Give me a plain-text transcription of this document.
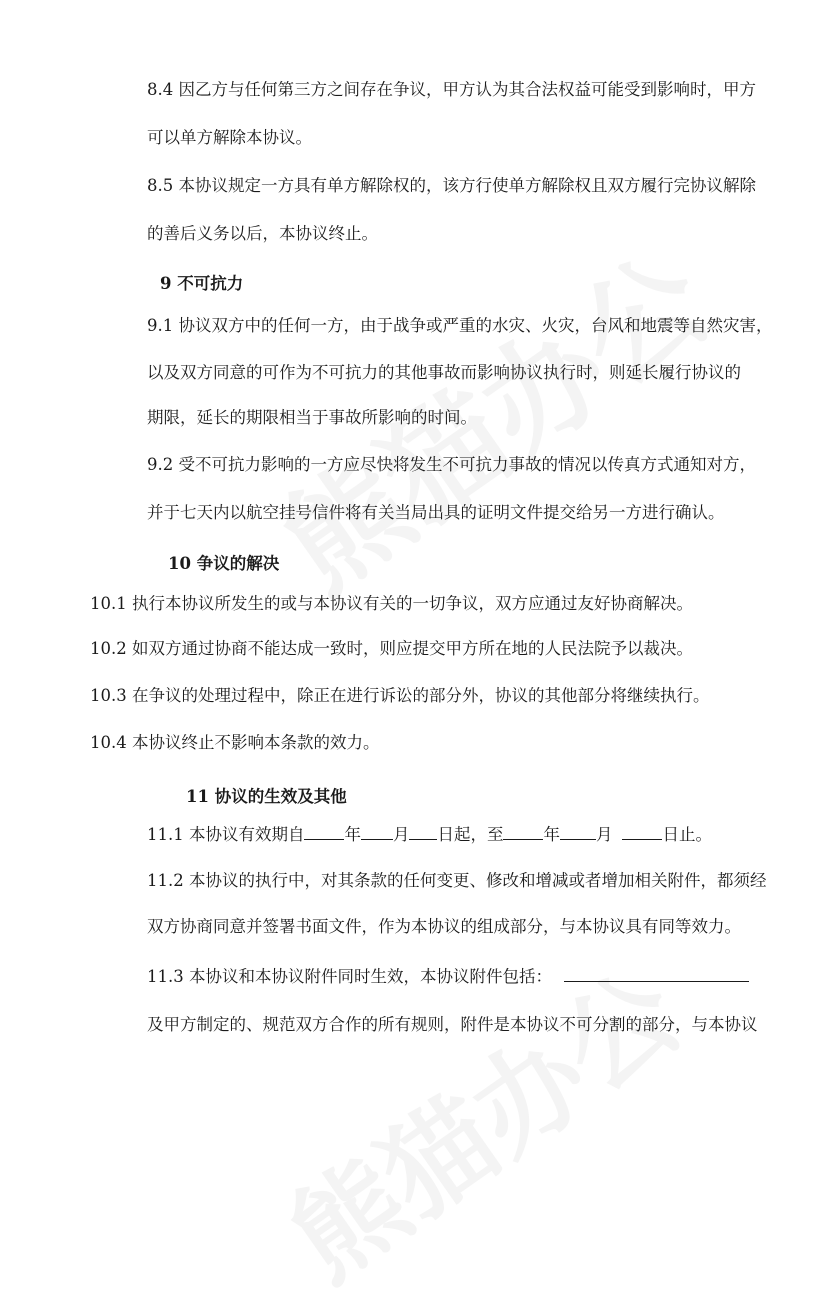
8.4 因乙方与任何第三方之间存在争议，甲方认为其合法权益可能受到影响时，甲方
可以单方解除本协议。
8.5 本协议规定一方具有单方解除权的，该方行使单方解除权且双方履行完协议解除
的善后义务以后，本协议终止。
9 不可抗力
9.1 协议双方中的任何一方，由于战争或严重的水灾、火灾，台风和地震等自然灾害，
以及双方同意的可作为不可抗力的其他事故而影响协议执行时，则延长履行协议的
期限，延长的期限相当于事故所影响的时间。
9.2 受不可抗力影响的一方应尽快将发生不可抗力事故的情况以传真方式通知对方，
并于七天内以航空挂号信件将有关当局出具的证明文件提交给另一方进行确认。
10 争议的解决
10.1 执行本协议所发生的或与本协议有关的一切争议，双方应通过友好协商解决。
10.2 如双方通过协商不能达成一致时，则应提交甲方所在地的人民法院予以裁决。
10.3 在争议的处理过程中，除正在进行诉讼的部分外，协议的其他部分将继续执行。
10.4 本协议终止不影响本条款的效力。
11 协议的生效及其他
11.1 本协议有效期自 年 月 日起，至 年 月	日止。
11.2 本协议的执行中，对其条款的任何变更、修改和增减或者增加相关附件，都须经
双方协商同意并签署书面文件，作为本协议的组成部分，与本协议具有同等效力。
11.3 本协议和本协议附件同时生效，本协议附件包括：
及甲方制定的、规范双方合作的所有规则，附件是本协议不可分割的部分，与本协议
